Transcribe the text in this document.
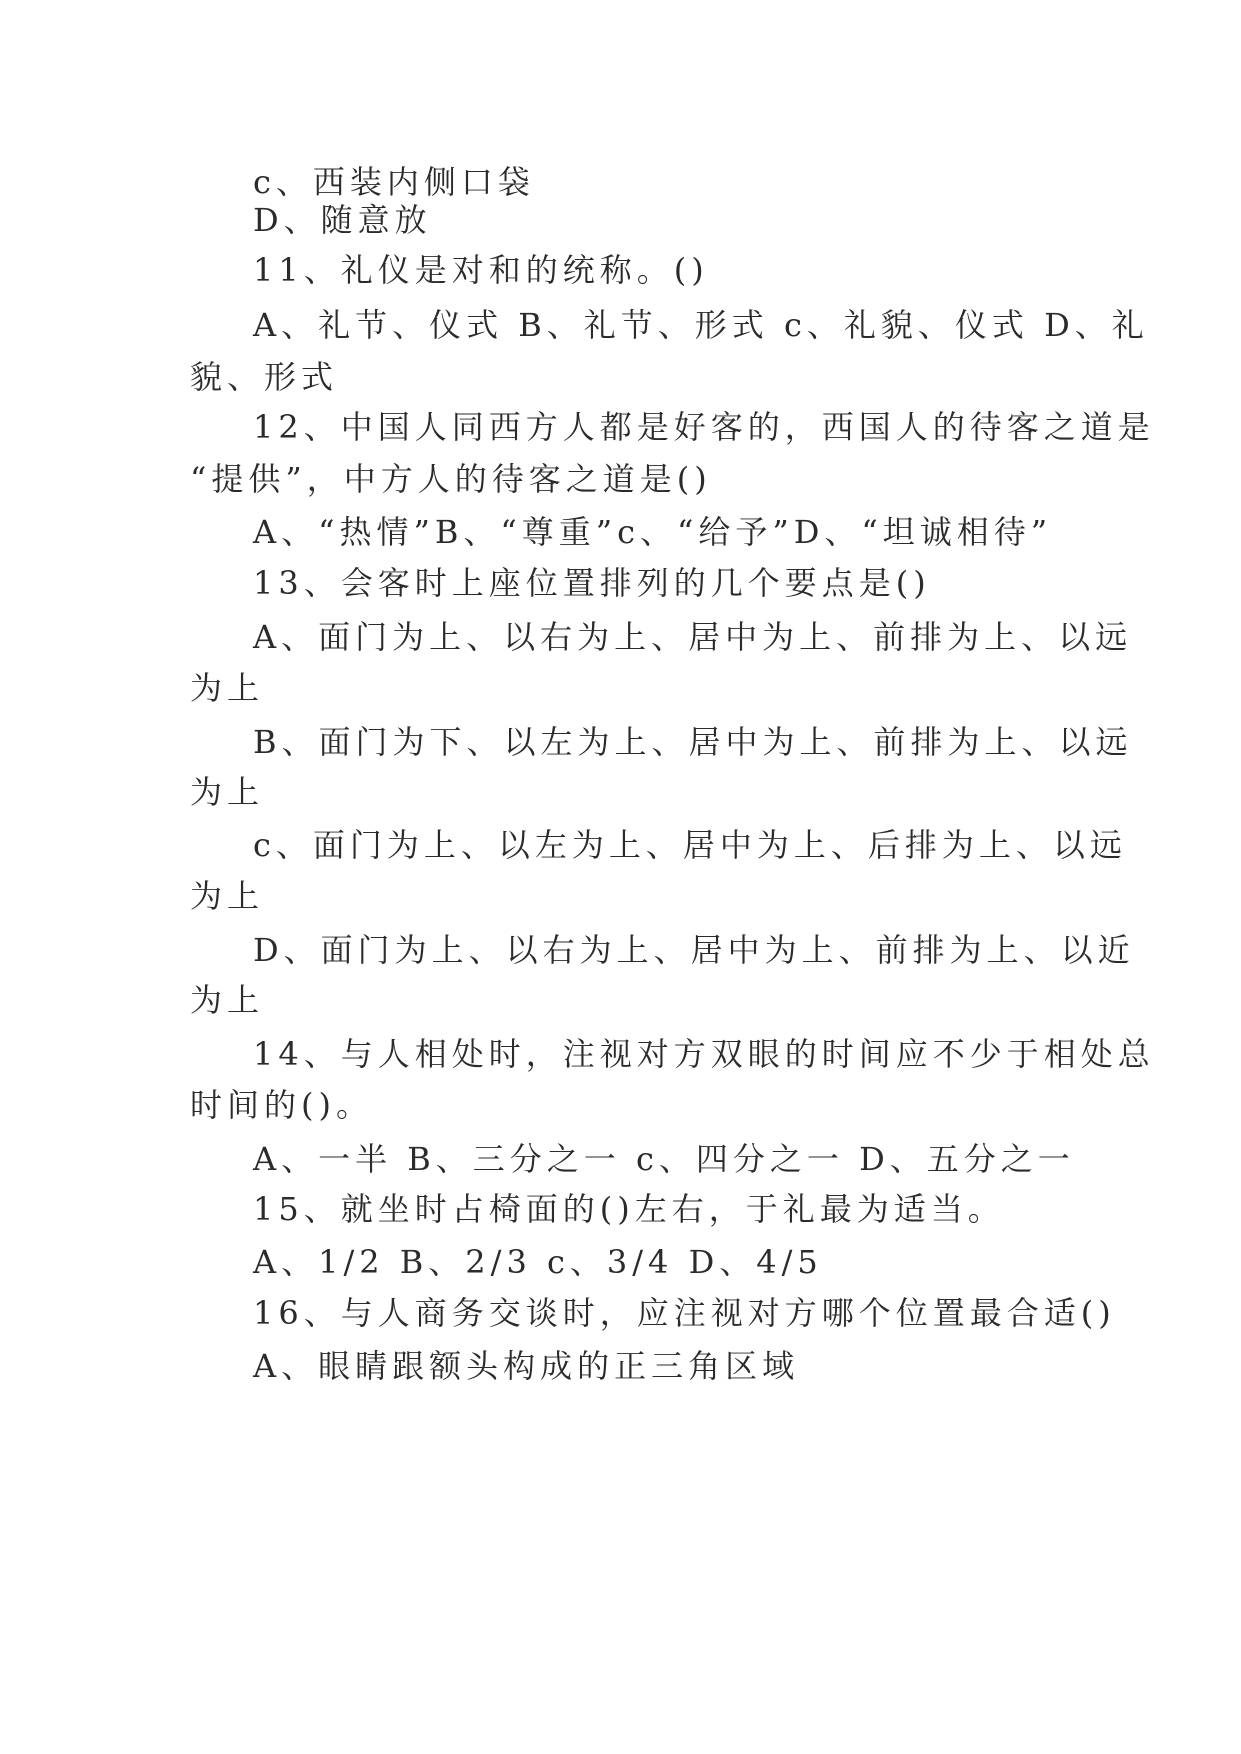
c、西装内侧口袋
D、随意放
11、礼仪是对和的统称。()
A、礼节、仪式 B、礼节、形式 c、礼貌、仪式 D、礼
貌、形式
12、中国人同西方人都是好客的，西国人的待客之道是
“提供”，中方人的待客之道是()
A、“热情”B、“尊重”c、“给予”D、“坦诚相待”
13、会客时上座位置排列的几个要点是()
A、面门为上、以右为上、居中为上、前排为上、以远
为上
B、面门为下、以左为上、居中为上、前排为上、以远
为上
c、面门为上、以左为上、居中为上、后排为上、以远
为上
D、面门为上、以右为上、居中为上、前排为上、以近
为上
14、与人相处时，注视对方双眼的时间应不少于相处总
时间的()。
A、一半 B、三分之一 c、四分之一 D、五分之一
15、就坐时占椅面的()左右，于礼最为适当。
A、1/2 B、2/3 c、3/4 D、4/5
16、与人商务交谈时，应注视对方哪个位置最合适()
A、眼睛跟额头构成的正三角区域
